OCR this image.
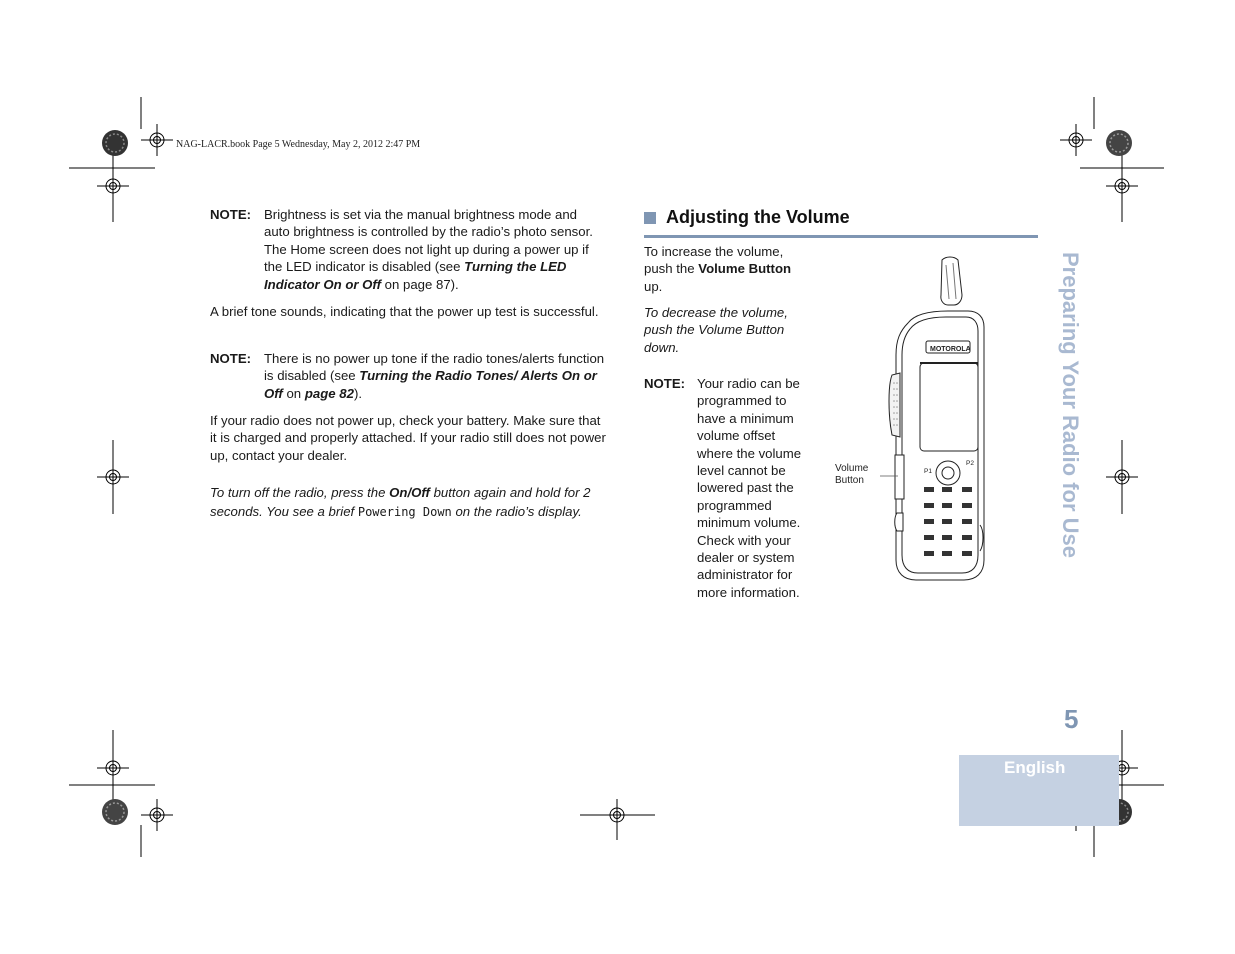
NAG-LACR.book Page 5 Wednesday, May 2, 2012 2:47 PM
NOTE: Brightness is set via the manual brightness mode and auto brightness is controlled by the radio’s photo sensor. The Home screen does not light up during a power up if the LED indicator is disabled (see Turning the LED Indicator On or Off on page 87).
A brief tone sounds, indicating that the power up test is successful.
NOTE: There is no power up tone if the radio tones/alerts function is disabled (see Turning the Radio Tones/ Alerts On or Off on page 82).
If your radio does not power up, check your battery. Make sure that it is charged and properly attached. If your radio still does not power up, contact your dealer.
To turn off the radio, press the On/Off button again and hold for 2 seconds. You see a brief Powering Down on the radio’s display.
Adjusting the Volume
To increase the volume, push the Volume Button up.
To decrease the volume, push the Volume Button down.
NOTE: Your radio can be programmed to have a minimum volume offset where the volume level cannot be lowered past the programmed minimum volume. Check with your dealer or system administrator for more information.
MOTOROLA
P1
P2
Volume Button	Preparing Your Radio for Use
5
English
